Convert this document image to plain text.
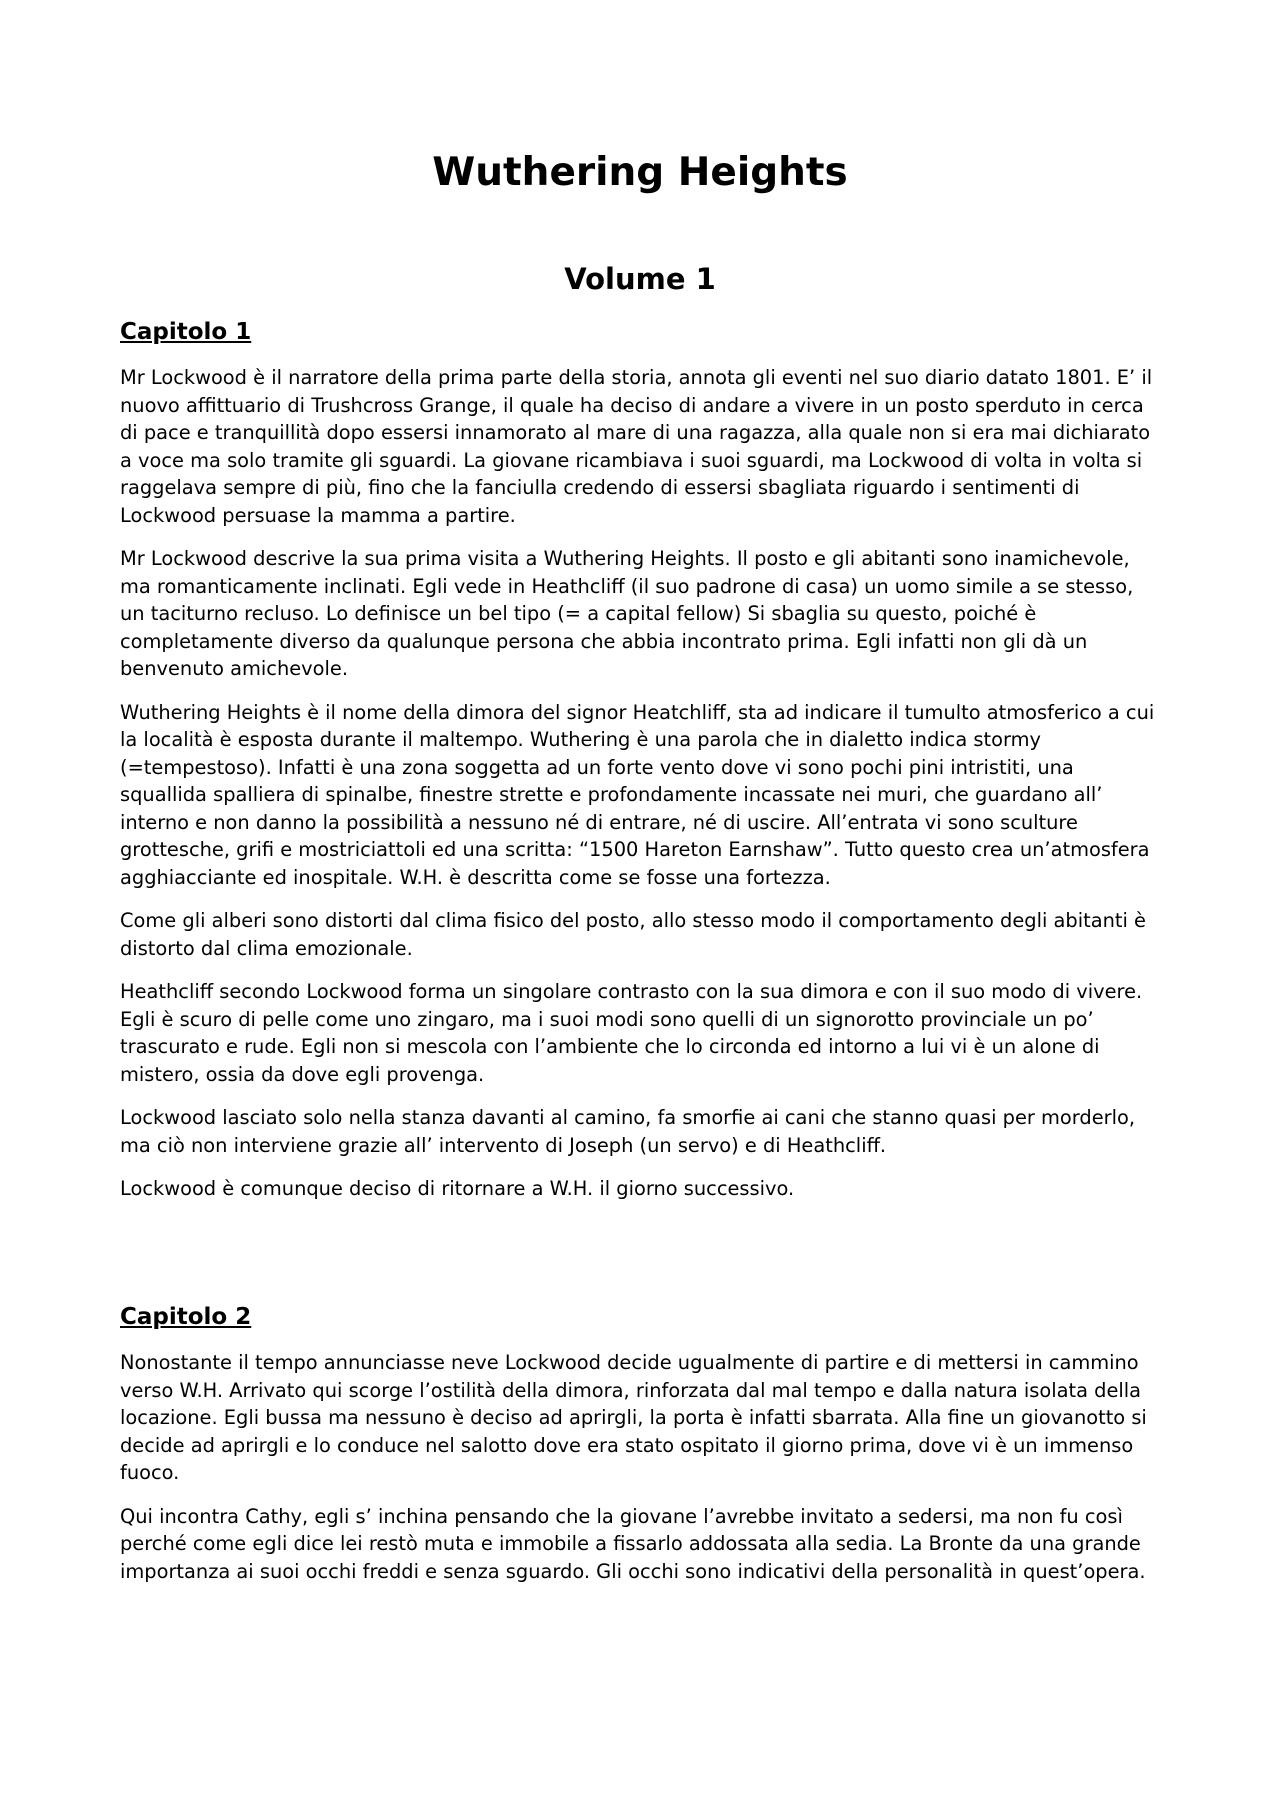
Wuthering Heights
Volume 1
Capitolo 1

Mr Lockwood è il narratore della prima parte della storia, annota gli eventi nel suo diario datato 1801. E’ il nuovo affittuario di Trushcross Grange, il quale ha deciso di andare a vivere in un posto sperduto in cerca di pace e tranquillità dopo essersi innamorato al mare di una ragazza, alla quale non si era mai dichiarato a voce ma solo tramite gli sguardi. La giovane ricambiava i suoi sguardi, ma Lockwood di volta in volta si raggelava sempre di più, fino che la fanciulla credendo di essersi sbagliata riguardo i sentimenti di Lockwood persuase la mamma a partire.

Mr Lockwood descrive la sua prima visita a Wuthering Heights. Il posto e gli abitanti sono inamichevole, ma romanticamente inclinati. Egli vede in Heathcliff (il suo padrone di casa) un uomo simile a se stesso, un taciturno recluso. Lo definisce un bel tipo (= a capital fellow) Si sbaglia su questo, poiché è completamente diverso da qualunque persona che abbia incontrato prima. Egli infatti non gli dà un benvenuto amichevole.

Wuthering Heights è il nome della dimora del signor Heatchliff, sta ad indicare il tumulto atmosferico a cui la località è esposta durante il maltempo. Wuthering è una parola che in dialetto indica stormy (=tempestoso). Infatti è una zona soggetta ad un forte vento dove vi sono pochi pini intristiti, una squallida spalliera di spinalbe, finestre strette e profondamente incassate nei muri, che guardano all’ interno e non danno la possibilità a nessuno né di entrare, né di uscire. All’entrata vi sono sculture grottesche, grifi e mostriciattoli ed una scritta: “1500 Hareton Earnshaw”. Tutto questo crea un’atmosfera agghiacciante ed inospitale. W.H. è descritta come se fosse una fortezza.

Come gli alberi sono distorti dal clima fisico del posto, allo stesso modo il comportamento degli abitanti è distorto dal clima emozionale.

Heathcliff secondo Lockwood forma un singolare contrasto con la sua dimora e con il suo modo di vivere. Egli è scuro di pelle come uno zingaro, ma i suoi modi sono quelli di un signorotto provinciale un po’ trascurato e rude. Egli non si mescola con l’ambiente che lo circonda ed intorno a lui vi è un alone di mistero, ossia da dove egli provenga.

Lockwood lasciato solo nella stanza davanti al camino, fa smorfie ai cani che stanno quasi per morderlo, ma ciò non interviene grazie all’ intervento di Joseph (un servo) e di Heathcliff.

Lockwood è comunque deciso di ritornare a W.H. il giorno successivo.

Capitolo 2

Nonostante il tempo annunciasse neve Lockwood decide ugualmente di partire e di mettersi in cammino verso W.H. Arrivato qui scorge l’ostilità della dimora, rinforzata dal mal tempo e dalla natura isolata della locazione. Egli bussa ma nessuno è deciso ad aprirgli, la porta è infatti sbarrata. Alla fine un giovanotto si decide ad aprirgli e lo conduce nel salotto dove era stato ospitato il giorno prima, dove vi è un immenso fuoco.

Qui incontra Cathy, egli s’ inchina pensando che la giovane l’avrebbe invitato a sedersi, ma non fu così perché come egli dice lei restò muta e immobile a fissarlo addossata alla sedia. La Bronte da una grande importanza ai suoi occhi freddi e senza sguardo. Gli occhi sono indicativi della personalità in quest’opera.
